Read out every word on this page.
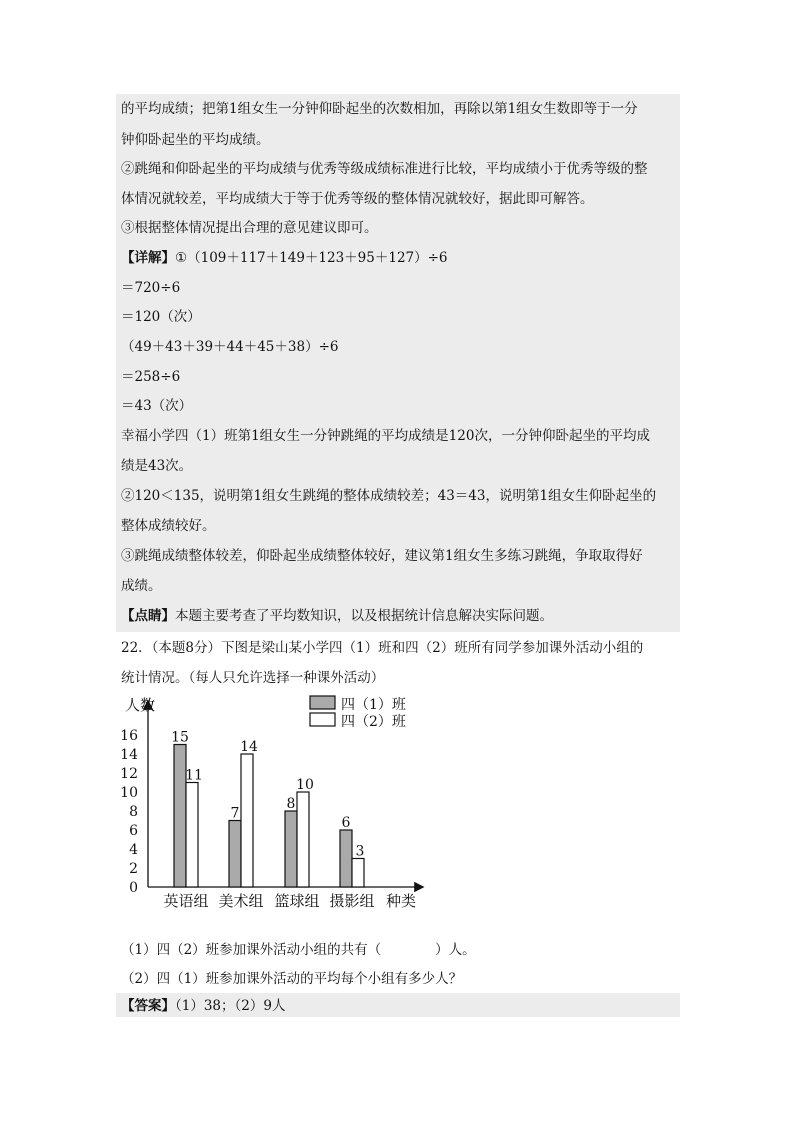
的平均成绩；把第1组女生一分钟仰卧起坐的次数相加，再除以第1组女生数即等于一分
钟仰卧起坐的平均成绩。
②跳绳和仰卧起坐的平均成绩与优秀等级成绩标准进行比较，平均成绩小于优秀等级的整
体情况就较差，平均成绩大于等于优秀等级的整体情况就较好，据此即可解答。
③根据整体情况提出合理的意见建议即可。
【详解】①（109＋117＋149＋123＋95＋127）÷6
＝720÷6
＝120（次）
（49＋43＋39＋44＋45＋38）÷6
＝258÷6
＝43（次）
幸福小学四（1）班第1组女生一分钟跳绳的平均成绩是120次，一分钟仰卧起坐的平均成
绩是43次。
②120＜135，说明第1组女生跳绳的整体成绩较差；43＝43，说明第1组女生仰卧起坐的
整体成绩较好。
③跳绳成绩整体较差，仰卧起坐成绩整体较好，建议第1组女生多练习跳绳，争取取得好
成绩。
【点睛】本题主要考查了平均数知识，以及根据统计信息解决实际问题。
22．（本题8分）下图是梁山某小学四（1）班和四（2）班所有同学参加课外活动小组的
统计情况。（每人只允许选择一种课外活动）
0
2
4
6
8
10
12
14
16
人数
种类
15
11
英语组
7
14
美术组
8
10
篮球组
6
3
摄影组
四（1）班
四（2）班
（1）四（2）班参加课外活动小组的共有（　　　　）人。
（2）四（1）班参加课外活动的平均每个小组有多少人？
【答案】（1）38；（2）9人
